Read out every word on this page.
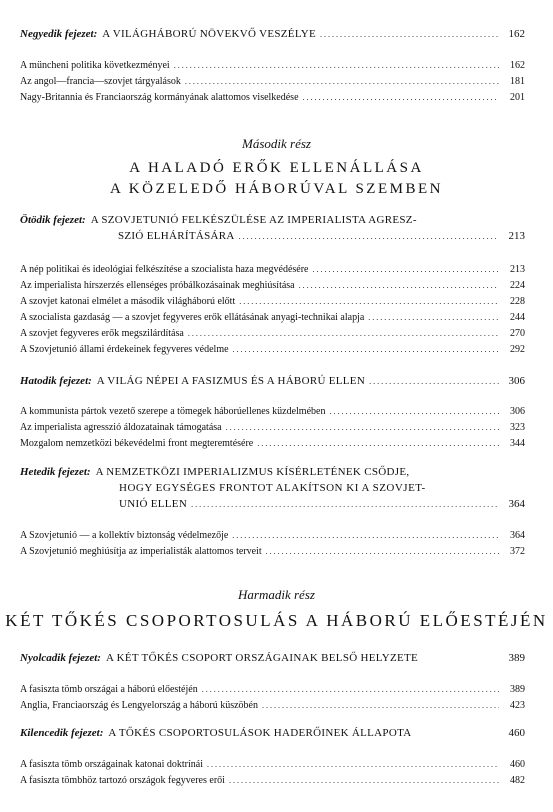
Negyedik fejezet: A VILÁGHÁBORÚ NÖVEKVŐ VESZÉLYE . . .	162
A müncheni politika következményei . . .	162
Az angol—francia—szovjet tárgyalások . . .	181
Nagy-Britannia és Franciaország kormányának alattomos viselkedése . . .	201
Második rész
A HALADÓ ERŐK ELLENÁLLÁSA
A KÖZELEDŐ HÁBORÚVAL SZEMBEN
Ötödik fejezet: A SZOVJETUNIÓ FELKÉSZÜLÉSE AZ IMPERIALISTA AGRESZ-
SZIÓ ELHÁRÍTÁSÁRA . . .	213
A nép politikai és ideológiai felkészítése a szocialista haza megvédésére . . .	213
Az imperialista hírszerzés ellenséges próbálkozásainak meghiúsítása . . .	224
A szovjet katonai elmélet a második világháború előtt . . .	228
A szocialista gazdaság — a szovjet fegyveres erők ellátásának anyagi-technikai alapja . . .	244
A szovjet fegyveres erők megszilárdítása . . .	270
A Szovjetunió állami érdekeinek fegyveres védelme . . .	292
Hatodik fejezet: A VILÁG NÉPEI A FASIZMUS ÉS A HÁBORÚ ELLEN . . .	306
A kommunista pártok vezető szerepe a tömegek háborúellenes küzdelmében . . .	306
Az imperialista agresszió áldozatainak támogatása . . .	323
Mozgalom nemzetközi békevédelmi front megteremtésére . . .	344
Hetedik fejezet: A NEMZETKÖZI IMPERIALIZMUS KÍSÉRLETÉNEK CSŐDJE,
HOGY EGYSÉGES FRONTOT ALAKÍTSON KI A SZOVJET-
UNIÓ ELLEN . . .	364
A Szovjetunió — a kollektív biztonság védelmezője . . .	364
A Szovjetunió meghiúsítja az imperialisták alattomos terveit . . .	372
Harmadik rész
KÉT TŐKÉS CSOPORTOSULÁS A HÁBORÚ ELŐESTÉJÉN
Nyolcadik fejezet: A KÉT TŐKÉS CSOPORT ORSZÁGAINAK BELSŐ HELYZETE	389
A fasiszta tömb országai a háború előestéjén . . .	389
Anglia, Franciaország és Lengyelország a háború küszöbén . . .	423
Kilencedik fejezet: A TŐKÉS CSOPORTOSULÁSOK HADERŐINEK ÁLLAPOTA	460
A fasiszta tömb országainak katonai doktrínái . . .	460
A fasiszta tömbhöz tartozó országok fegyveres erői . . .	482
